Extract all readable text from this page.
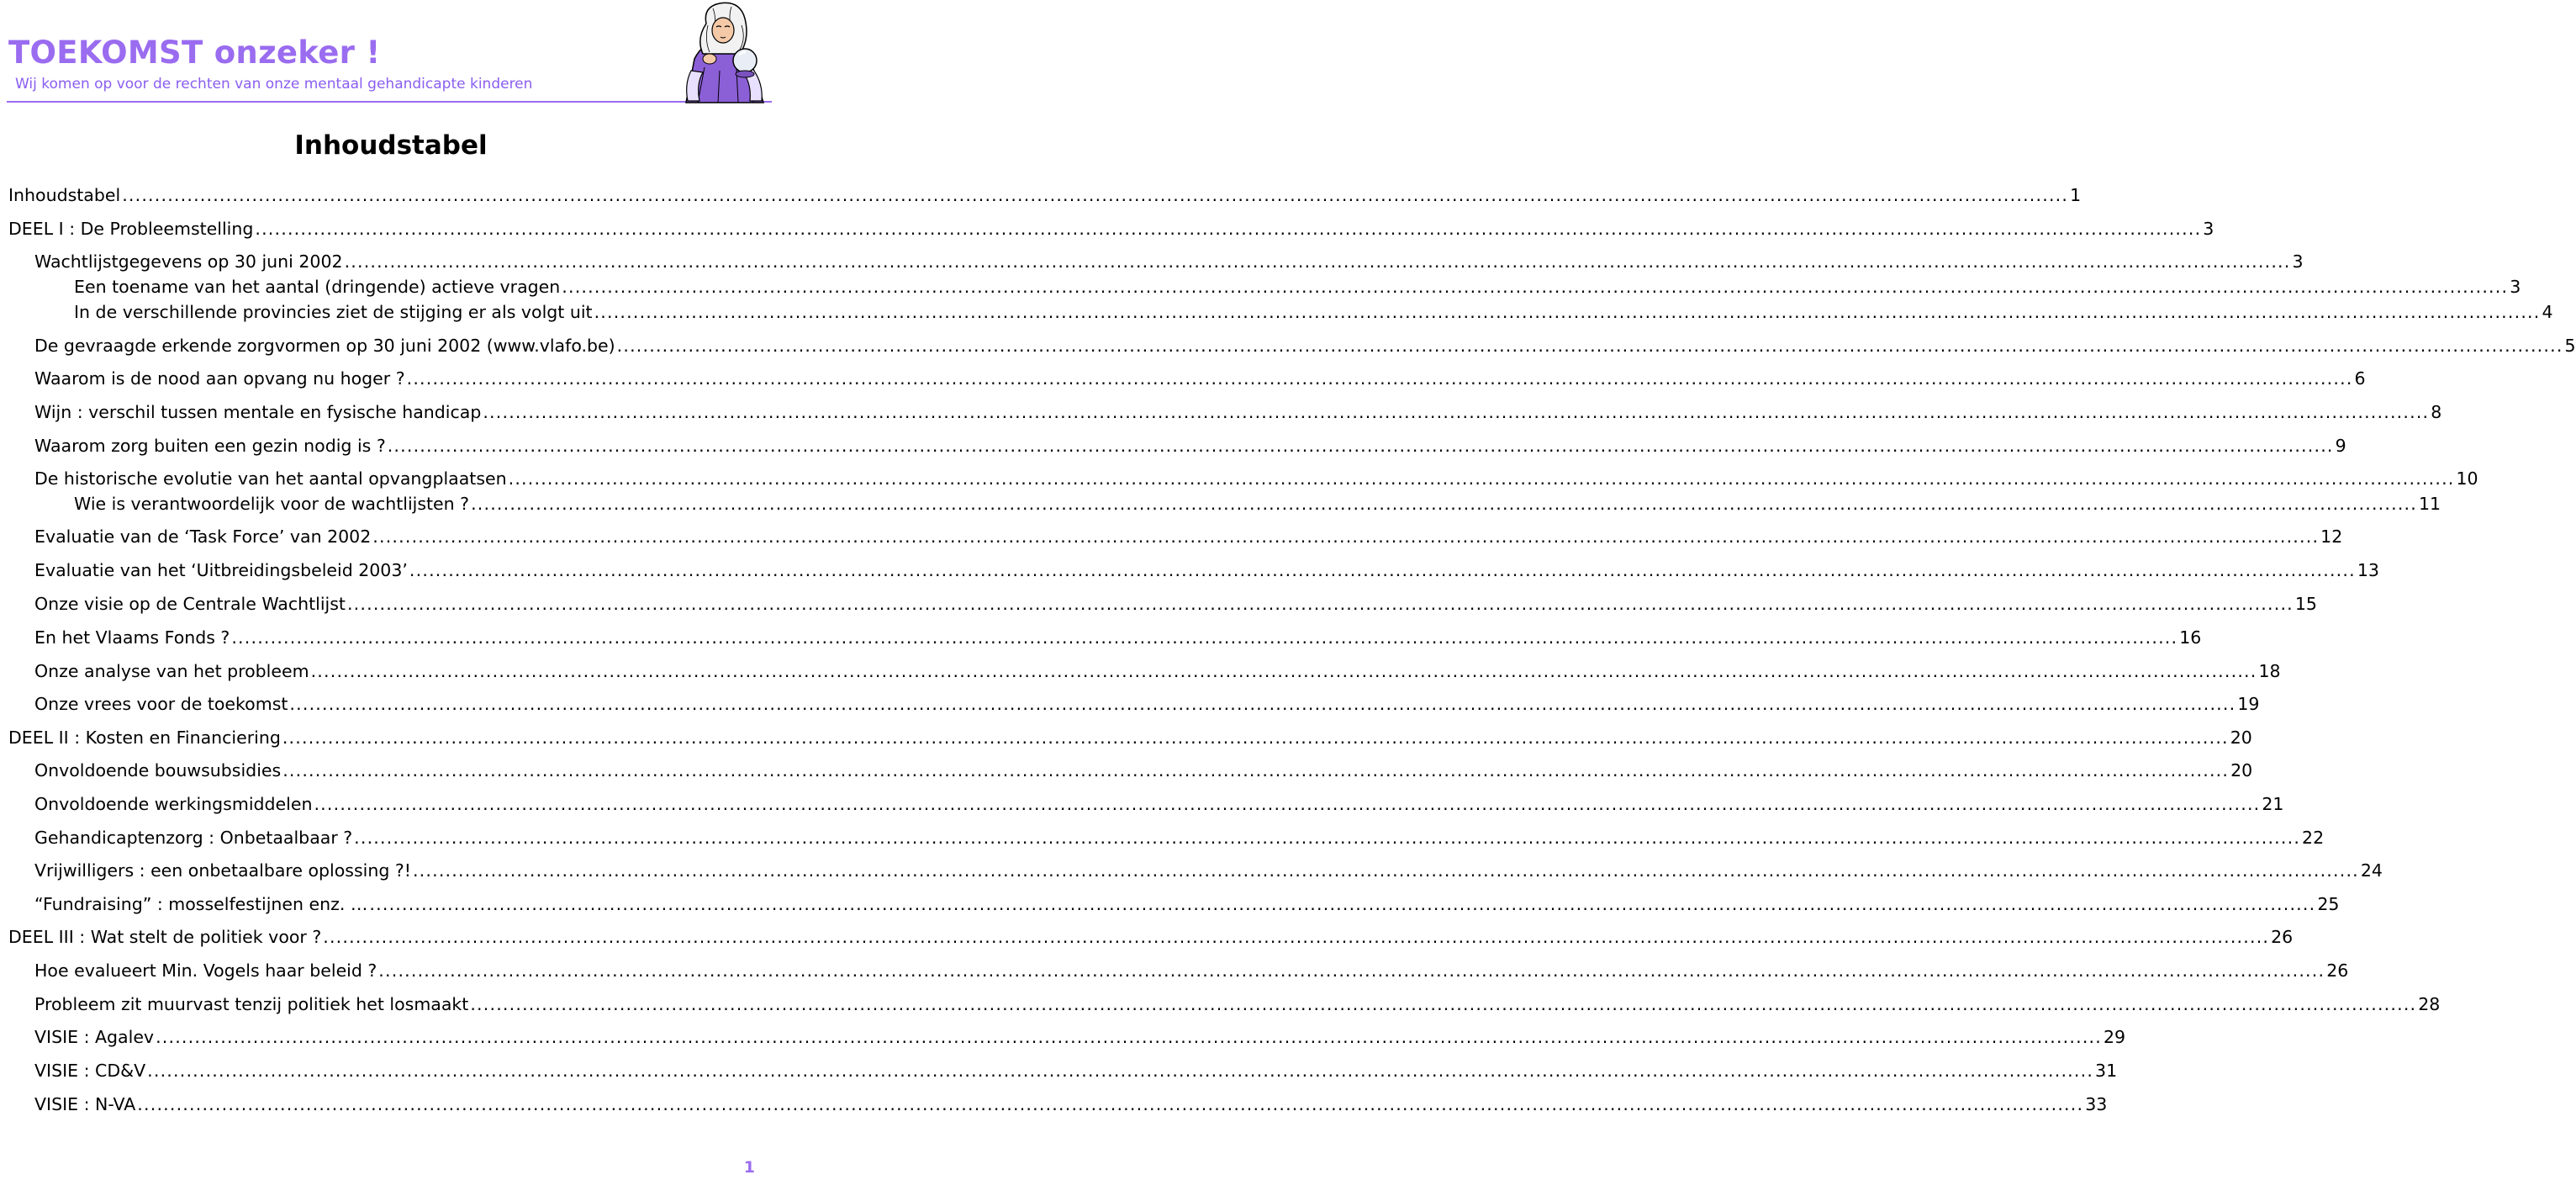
TOEKOMST onzeker !
Wij komen op voor de rechten van onze mentaal gehandicapte kinderen
Inhoudstabel
Inhoudstabel ............................................................................................................................................................................................................................................................................................................ 1
DEEL I : De Probleemstelling ............................................................................................................................................................................................................................................................................................................ 3
Wachtlijstgegevens op 30 juni 2002 ............................................................................................................................................................................................................................................................................................................ 3
Een toename van het aantal (dringende) actieve vragen ............................................................................................................................................................................................................................................................................................................ 3
In de verschillende provincies ziet de stijging er als volgt uit ............................................................................................................................................................................................................................................................................................................ 4
De gevraagde erkende zorgvormen op 30 juni 2002 (www.vlafo.be) ............................................................................................................................................................................................................................................................................................................ 5
Waarom is de nood aan opvang nu hoger ? ............................................................................................................................................................................................................................................................................................................ 6
Wijn : verschil tussen mentale en fysische handicap ............................................................................................................................................................................................................................................................................................................ 8
Waarom zorg buiten een gezin nodig is ? ............................................................................................................................................................................................................................................................................................................ 9
De historische evolutie van het aantal opvangplaatsen ............................................................................................................................................................................................................................................................................................................ 10
Wie is verantwoordelijk voor de wachtlijsten ? ............................................................................................................................................................................................................................................................................................................ 11
Evaluatie van de ‘Task Force’ van 2002 ............................................................................................................................................................................................................................................................................................................ 12
Evaluatie van het ‘Uitbreidingsbeleid 2003’ ............................................................................................................................................................................................................................................................................................................ 13
Onze visie op de Centrale Wachtlijst ............................................................................................................................................................................................................................................................................................................ 15
En het Vlaams Fonds ? ............................................................................................................................................................................................................................................................................................................ 16
Onze analyse van het probleem ............................................................................................................................................................................................................................................................................................................ 18
Onze vrees voor de toekomst ............................................................................................................................................................................................................................................................................................................ 19
DEEL II : Kosten en Financiering ............................................................................................................................................................................................................................................................................................................ 20
Onvoldoende bouwsubsidies ............................................................................................................................................................................................................................................................................................................ 20
Onvoldoende werkingsmiddelen ............................................................................................................................................................................................................................................................................................................ 21
Gehandicaptenzorg : Onbetaalbaar ? ............................................................................................................................................................................................................................................................................................................ 22
Vrijwilligers : een onbetaalbare oplossing ?! ............................................................................................................................................................................................................................................................................................................ 24
“Fundraising” : mosselfestijnen enz. … ............................................................................................................................................................................................................................................................................................................ 25
DEEL III : Wat stelt de politiek voor ? ............................................................................................................................................................................................................................................................................................................ 26
Hoe evalueert Min. Vogels haar beleid ? ............................................................................................................................................................................................................................................................................................................ 26
Probleem zit muurvast tenzij politiek het losmaakt ............................................................................................................................................................................................................................................................................................................ 28
VISIE : Agalev ............................................................................................................................................................................................................................................................................................................ 29
VISIE : CD&V ............................................................................................................................................................................................................................................................................................................ 31
VISIE : N-VA ............................................................................................................................................................................................................................................................................................................ 33
1
